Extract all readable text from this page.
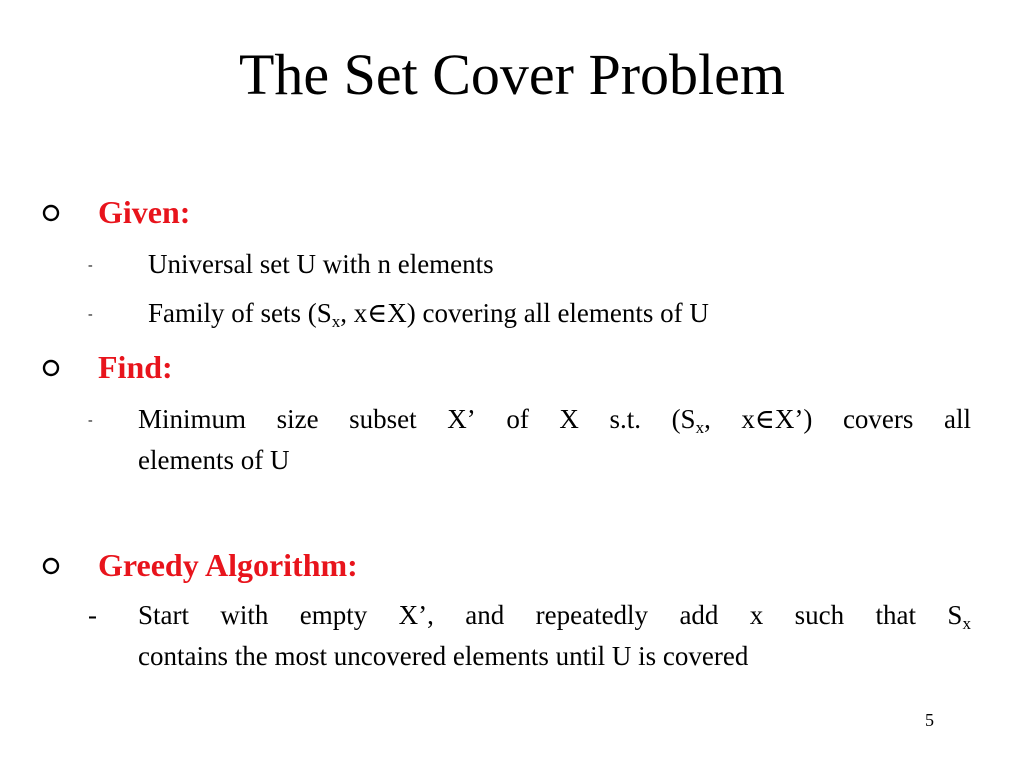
The Set Cover Problem
Given:
- Universal set U with n elements
- Family of sets ($S_x$, x∈X) covering all elements of U
Find:
- Minimum size subset X’ of X s.t. ($S_x$, x∈X’) covers all
elements of U
Greedy Algorithm:
- Start with empty X’, and repeatedly add x such that $S_x$
contains the most uncovered elements until U is covered
5
